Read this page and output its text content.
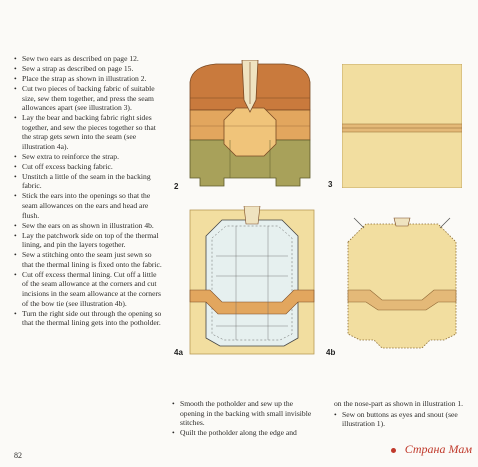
• Sew two ears as described on page 12.
• Sew a strap as described on page 15.
• Place the strap as shown in illustration 2.
• Cut two pieces of backing fabric of suitable size, sew them together, and press the seam allowances apart (see illustration 3).
• Lay the bear and backing fabric right sides together, and sew the pieces together so that the strap gets sewn into the seam (see illustration 4a).
• Sew extra to reinforce the strap.
• Cut off excess backing fabric.
• Unstitch a little of the seam in the backing fabric.
• Stick the ears into the openings so that the seam allowances on the ears and head are flush.
• Sew the ears on as shown in illustration 4b.
• Lay the patchwork side on top of the thermal lining, and pin the layers together.
• Sew a stitching onto the seam just sewn so that the thermal lining is fixed onto the fabric.
• Cut off excess thermal lining. Cut off a little of the seam allowance at the corners and cut incisions in the seam allowance at the corners of the bow tie (see illustration 4b).
• Turn the right side out through the opening so that the thermal lining gets into the potholder.
• Smooth the potholder and sew up the opening in the backing with small invisible stitches.
• Quilt the potholder along the edge and
on the nose-part as shown in illustration 1.
• Sew on buttons as eyes and snout (see illustration 1).
2	3
4a	4b
82	Страна Мам
